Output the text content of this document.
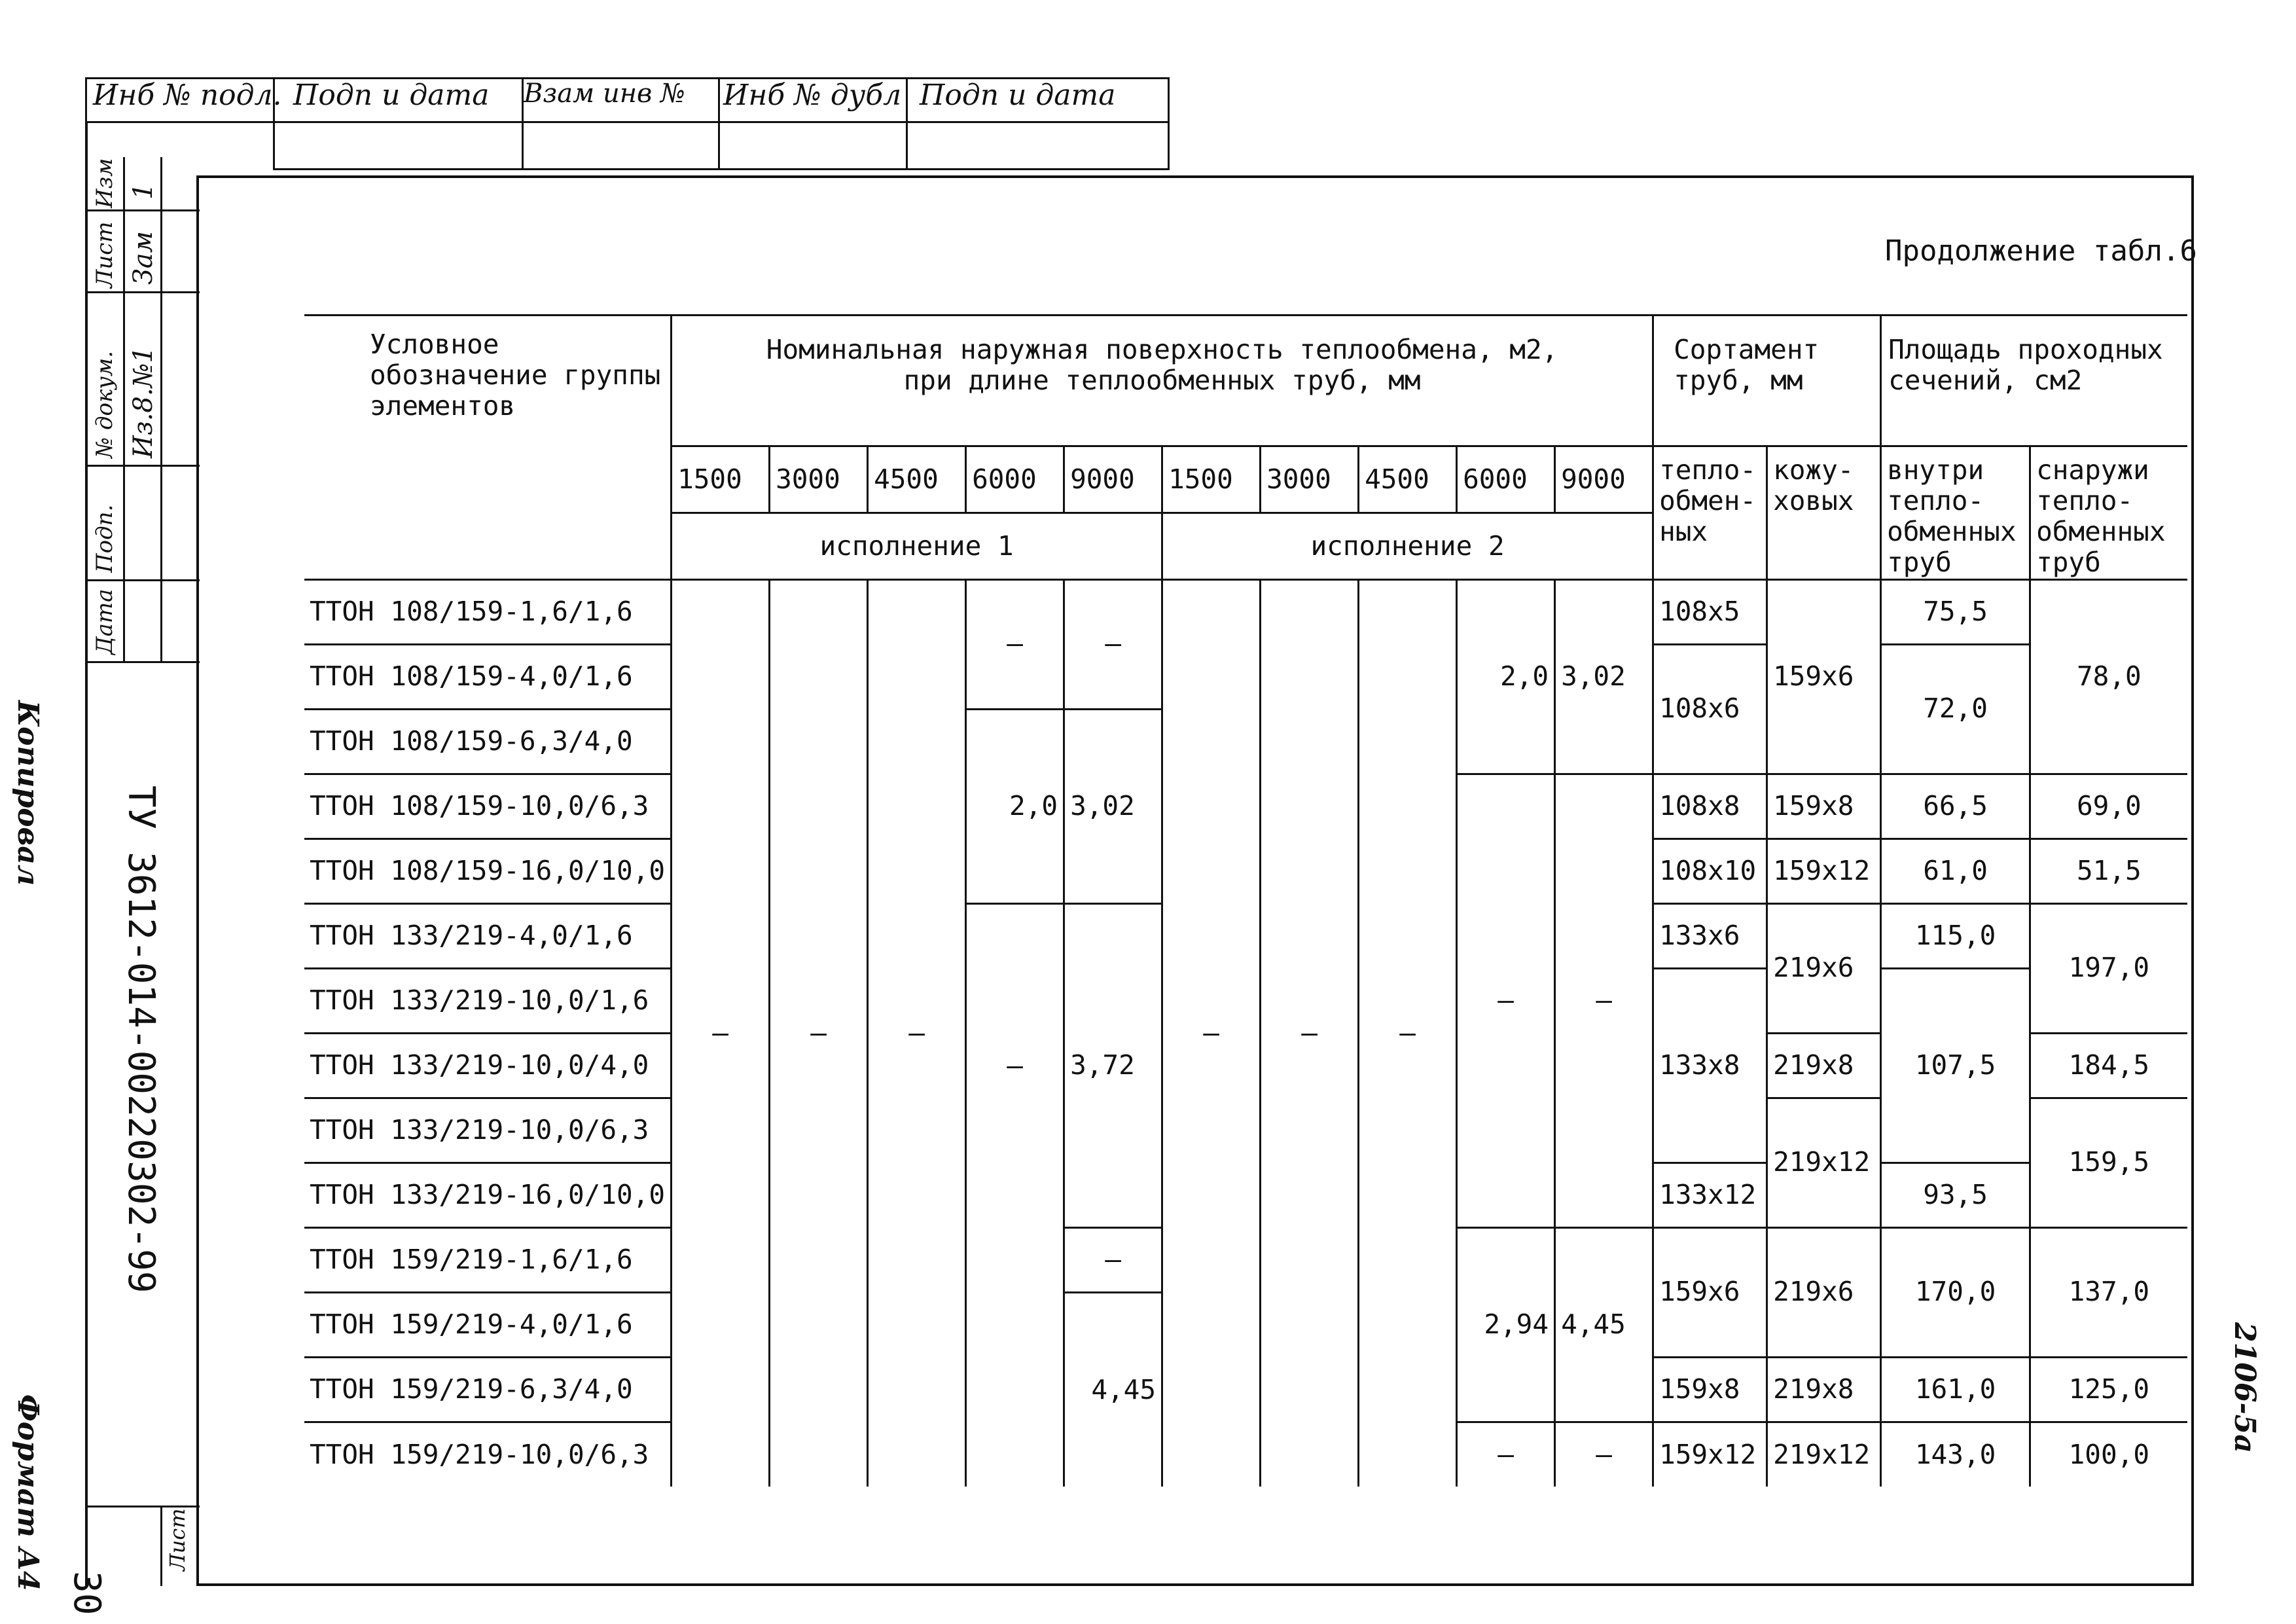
Инб № подл. Подп и дата Взам инв № Инб № дубл Подп и дата
Изм
Лист
№ докум.
Подп.
Дата
1
Зам
Из.8.№1
ТУ 3612-014-00220302-99
Лист
30
Копировал
Формат А4
2106-5а
Продолжение табл.6
Условное обозначение группы элементов	Номинальная наружная поверхность теплообмена, м2,
при длине теплообменных труб, мм										Сортамент труб, мм		Площадь проходных сечений, см2	
	1500	3000	4500	6000	9000	1500	3000	4500	6000	9000	тепло-обмен-ных	кожу-ховых	внутри тепло-обменных труб	снаружи тепло-обменных труб
	исполнение 1					исполнение 2								
ТТОН 108/159-1,6/1,6	–	–	–	–	–	–	–	–	2,0	3,02	108х5	159х6	75,5	78,0
ТТОН 108/159-4,0/1,6											108х6		72,0	
ТТОН 108/159-6,3/4,0				2,0	3,02									
ТТОН 108/159-10,0/6,3									–	–	108х8	159х8	66,5	69,0
ТТОН 108/159-16,0/10,0											108х10	159х12	61,0	51,5
ТТОН 133/219-4,0/1,6				–	3,72						133х6	219х6	115,0	197,0
ТТОН 133/219-10,0/1,6											133х8		107,5	
ТТОН 133/219-10,0/4,0												219х8		184,5
ТТОН 133/219-10,0/6,3												219х12		159,5
ТТОН 133/219-16,0/10,0											133х12		93,5	
ТТОН 159/219-1,6/1,6					–				2,94	4,45	159х6	219х6	170,0	137,0
ТТОН 159/219-4,0/1,6					4,45									
ТТОН 159/219-6,3/4,0											159х8	219х8	161,0	125,0
ТТОН 159/219-10,0/6,3									–	–	159х12	219х12	143,0	100,0
